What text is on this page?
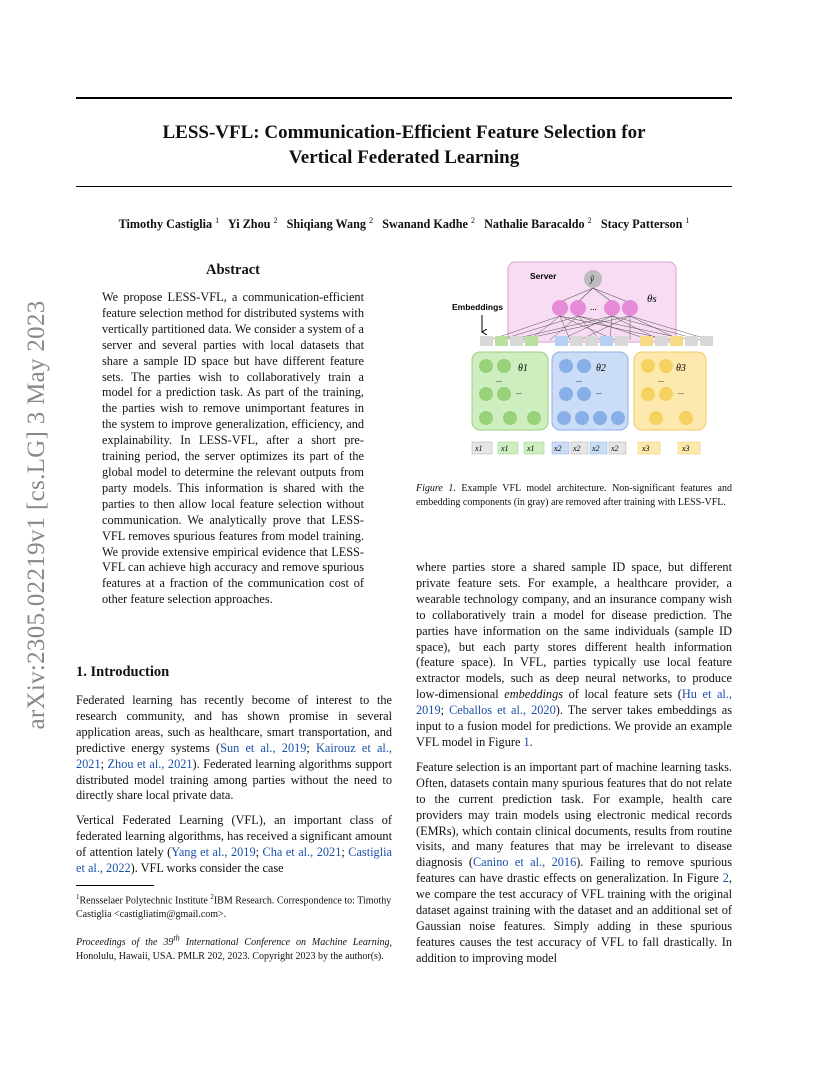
LESS-VFL: Communication-Efficient Feature Selection for
Vertical Federated Learning
Timothy Castiglia $^1$ Yi Zhou $^2$ Shiqiang Wang $^2$ Swanand Kadhe $^2$ Nathalie Baracaldo $^2$ Stacy Patterson $^1$
arXiv:2305.02219v1 [cs.LG] 3 May 2023
Abstract
We propose LESS-VFL, a communication-efficient feature selection method for distributed systems with vertically partitioned data. We consider a system of a server and several parties with local datasets that share a sample ID space but have different feature sets. The parties wish to collaboratively train a model for a prediction task. As part of the training, the parties wish to remove unimportant features in the system to improve generalization, efficiency, and explainability. In LESS-VFL, after a short pre-training period, the server optimizes its part of the global model to determine the relevant outputs from party models. This information is shared with the parties to then allow local feature selection without communication. We analytically prove that LESS-VFL removes spurious features from model training. We provide extensive empirical evidence that LESS-VFL can achieve high accuracy and remove spurious features at a fraction of the communication cost of other feature selection approaches.
1. Introduction

Federated learning has recently become of interest to the research community, and has shown promise in several application areas, such as healthcare, smart transportation, and predictive energy systems (Sun et al., 2019; Kairouz et al., 2021; Zhou et al., 2021). Federated learning algorithms support distributed model training among parties without the need to directly share local private data.

Vertical Federated Learning (VFL), an important class of federated learning algorithms, has received a significant amount of attention lately (Yang et al., 2019; Cha et al., 2021; Castiglia et al., 2022). VFL works consider the case

$^1$Rensselaer Polytechnic Institute $^2$IBM Research. Correspondence to: Timothy Castiglia <castigliatim@gmail.com>.
Proceedings of the 39th International Conference on Machine Learning, Honolulu, Hawaii, USA. PMLR 202, 2023. Copyright 2023 by the author(s).
Server	ŷ
θs
...
Embeddings
θ1
...
...
θ2
...
...
θ3
...
...
x1 x1 x1 x2 x2 x2 x2	x3	x3
Figure 1. Example VFL model architecture. Non-significant features and embedding components (in gray) are removed after training with LESS-VFL.

where parties store a shared sample ID space, but different private feature sets. For example, a healthcare provider, a wearable technology company, and an insurance company wish to collaboratively train a model for disease prediction. The parties have information on the same individuals (sample ID space), but each party stores different health information (feature space). In VFL, parties typically use local feature extractor models, such as deep neural networks, to produce low-dimensional embeddings of local feature sets (Hu et al., 2019; Ceballos et al., 2020). The server takes embeddings as input to a fusion model for predictions. We provide an example VFL model in Figure 1.

Feature selection is an important part of machine learning tasks. Often, datasets contain many spurious features that do not relate to the current prediction task. For example, health care providers may train models using electronic medical records (EMRs), which contain clinical documents, results from routine visits, and many features that may be irrelevant to disease diagnosis (Canino et al., 2016). Failing to remove spurious features can have drastic effects on generalization. In Figure 2, we compare the test accuracy of VFL training with the original dataset against training with the dataset and an additional set of Gaussian noise features. Simply adding in these spurious features causes the test accuracy of VFL to fall drastically. In addition to improving model
